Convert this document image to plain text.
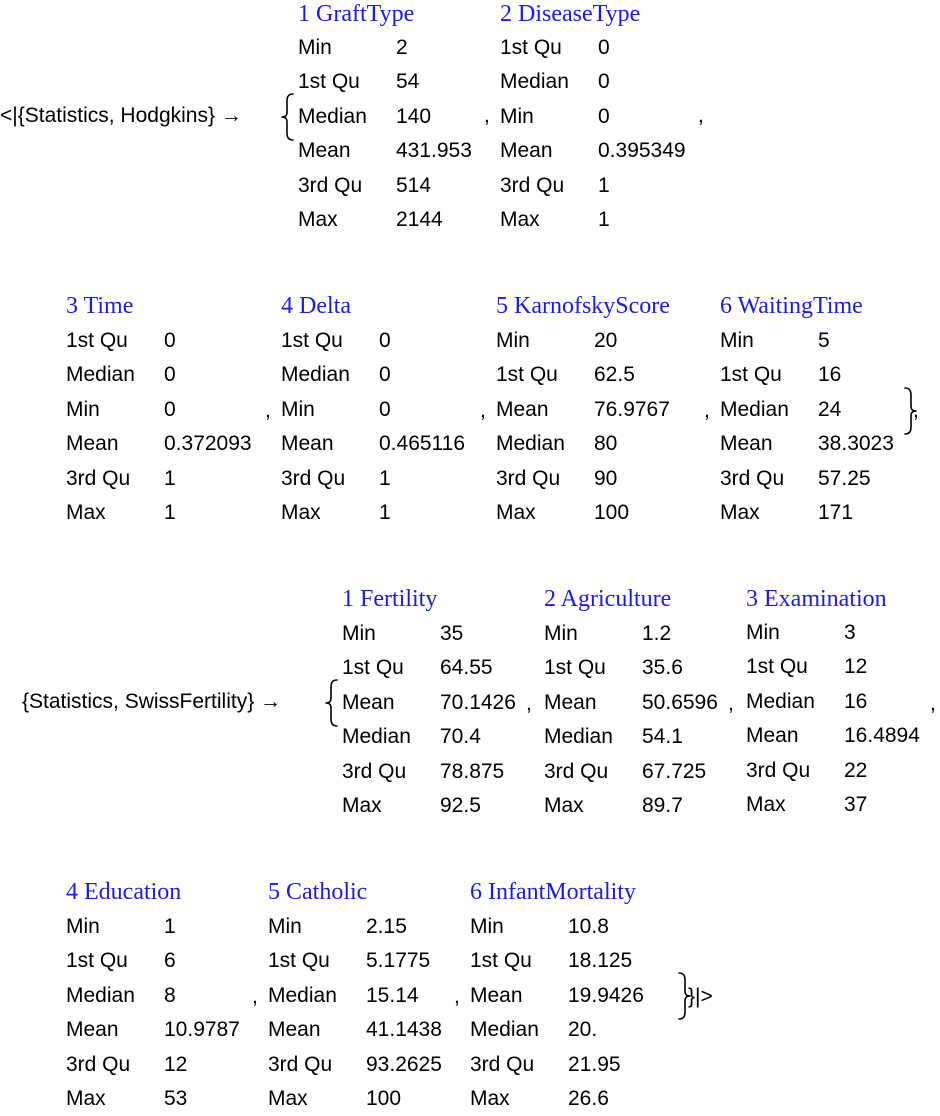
<|{Statistics, Hodgkins} →
1 GraftType
Min	2
1st Qu 54
Median 140
Mean 431.953
3rd Qu 514
Max	2144
,
2 DiseaseType
1st Qu 0
Median 0
Min	0
Mean 0.395349
3rd Qu 1
Max	1
,
3 Time
1st Qu 0
Median 0
Min	0
Mean 0.372093
3rd Qu 1
Max	1
,
4 Delta
1st Qu 0
Median 0
Min	0
Mean 0.465116
3rd Qu 1
Max	1
,
5 KarnofskyScore
Min	20
1st Qu 62.5
Mean 76.9767
Median 80
3rd Qu 90
Max	100
,
6 WaitingTime
Min	5
1st Qu 16
Median 24
Mean 38.3023
3rd Qu 57.25
Max	171
,
{Statistics, SwissFertility} →
1 Fertility
Min	35
1st Qu 64.55
Mean 70.1426
Median 70.4
3rd Qu 78.875
Max	92.5
,
2 Agriculture
Min	1.2
1st Qu 35.6
Mean 50.6596
Median 54.1
3rd Qu 67.725
Max	89.7
,
3 Examination
Min	3
1st Qu 12
Median 16
Mean 16.4894
3rd Qu 22
Max	37
,
4 Education
Min	1
1st Qu 6
Median 8
Mean 10.9787
3rd Qu 12
Max	53
,
5 Catholic
Min	2.15
1st Qu 5.1775
Median 15.14
Mean 41.1438
3rd Qu 93.2625
Max	100
,
6 InfantMortality
Min	10.8
1st Qu 18.125
Mean 19.9426
Median 20.
3rd Qu 21.95
Max	26.6
}|>
